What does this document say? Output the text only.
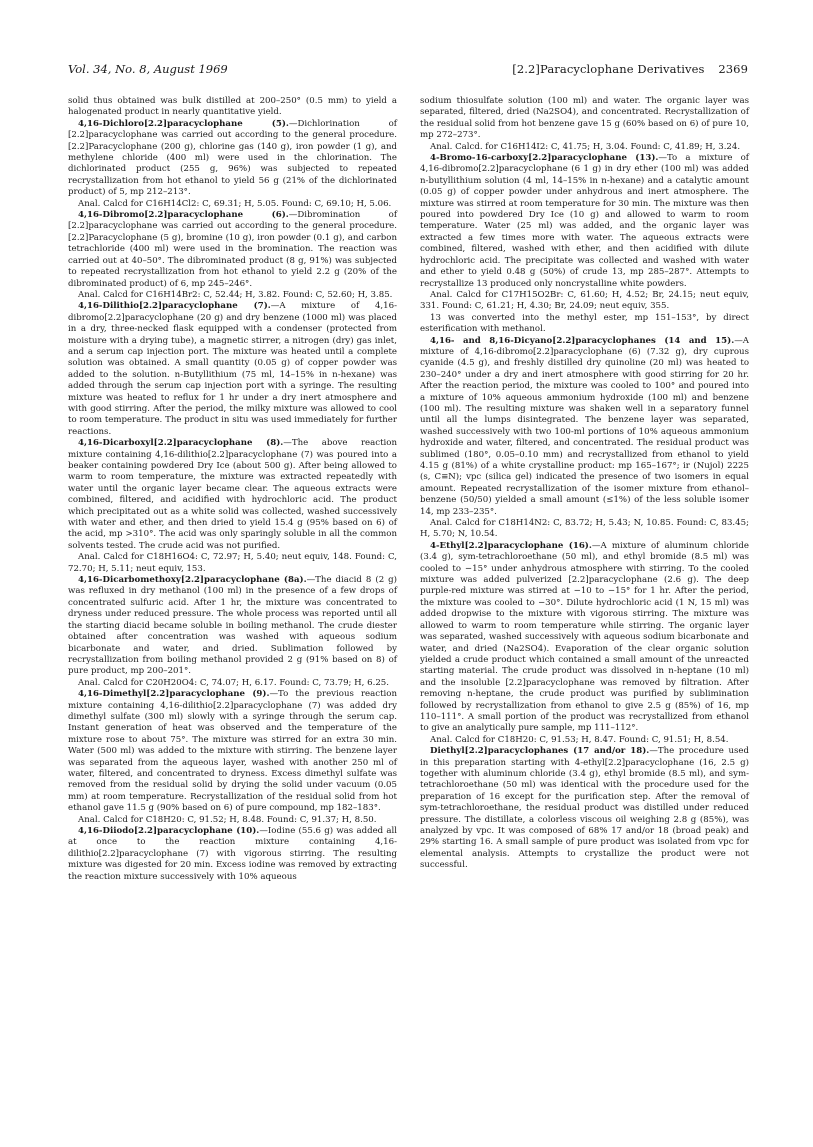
Vol. 34, No. 8, August 1969	[2.2]Paracyclophane Derivatives 2369

solid thus obtained was bulk distilled at 200–250° (0.5 mm) to yield a halogenated product in nearly quantitative yield.

4,16-Dichloro[2.2]paracyclophane (5).—Dichlorination of [2.2]paracyclophane was carried out according to the general procedure. [2.2]Paracyclophane (200 g), chlorine gas (140 g), iron powder (1 g), and methylene chloride (400 ml) were used in the chlorination. The dichlorinated product (255 g, 96%) was subjected to repeated recrystallization from hot ethanol to yield 56 g (21% of the dichlorinated product) of 5, mp 212–213°.

Anal. Calcd for C16H14Cl2: C, 69.31; H, 5.05. Found: C, 69.10; H, 5.06.

4,16-Dibromo[2.2]paracyclophane (6).—Dibromination of [2.2]paracyclophane was carried out according to the general procedure. [2.2]Paracyclophane (5 g), bromine (10 g), iron powder (0.1 g), and carbon tetrachloride (400 ml) were used in the bromination. The reaction was carried out at 40–50°. The dibrominated product (8 g, 91%) was subjected to repeated recrystallization from hot ethanol to yield 2.2 g (20% of the dibrominated product) of 6, mp 245–246°.

Anal. Calcd for C16H14Br2: C, 52.44; H, 3.82. Found: C, 52.60; H, 3.85.

4,16-Dilithio[2.2]paracyclophane (7).—A mixture of 4,16-dibromo[2.2]paracyclophane (20 g) and dry benzene (1000 ml) was placed in a dry, three-necked flask equipped with a condenser (protected from moisture with a drying tube), a magnetic stirrer, a nitrogen (dry) gas inlet, and a serum cap injection port. The mixture was heated until a complete solution was obtained. A small quantity (0.05 g) of copper powder was added to the solution. n-Butyllithium (75 ml, 14–15% in n-hexane) was added through the serum cap injection port with a syringe. The resulting mixture was heated to reflux for 1 hr under a dry inert atmosphere and with good stirring. After the period, the milky mixture was allowed to cool to room temperature. The product in situ was used immediately for further reactions.

4,16-Dicarboxyl[2.2]paracyclophane (8).—The above reaction mixture containing 4,16-dilithio[2.2]paracyclophane (7) was poured into a beaker containing powdered Dry Ice (about 500 g). After being allowed to warm to room temperature, the mixture was extracted repeatedly with water until the organic layer became clear. The aqueous extracts were combined, filtered, and acidified with hydrochloric acid. The product which precipitated out as a white solid was collected, washed successively with water and ether, and then dried to yield 15.4 g (95% based on 6) of the acid, mp >310°. The acid was only sparingly soluble in all the common solvents tested. The crude acid was not purified.

Anal. Calcd for C18H16O4: C, 72.97; H, 5.40; neut equiv, 148. Found: C, 72.70; H, 5.11; neut equiv, 153.

4,16-Dicarbomethoxy[2.2]paracyclophane (8a).—The diacid 8 (2 g) was refluxed in dry methanol (100 ml) in the presence of a few drops of concentrated sulfuric acid. After 1 hr, the mixture was concentrated to dryness under reduced pressure. The whole process was reported until all the starting diacid became soluble in boiling methanol. The crude diester obtained after concentration was washed with aqueous sodium bicarbonate and water, and dried. Sublimation followed by recrystallization from boiling methanol provided 2 g (91% based on 8) of pure product, mp 200–201°.

Anal. Calcd for C20H20O4: C, 74.07; H, 6.17. Found: C, 73.79; H, 6.25.

4,16-Dimethyl[2.2]paracyclophane (9).—To the previous reaction mixture containing 4,16-dilithio[2.2]paracyclophane (7) was added dry dimethyl sulfate (300 ml) slowly with a syringe through the serum cap. Instant generation of heat was observed and the temperature of the mixture rose to about 75°. The mixture was stirred for an extra 30 min. Water (500 ml) was added to the mixture with stirring. The benzene layer was separated from the aqueous layer, washed with another 250 ml of water, filtered, and concentrated to dryness. Excess dimethyl sulfate was removed from the residual solid by drying the solid under vacuum (0.05 mm) at room temperature. Recrystallization of the residual solid from hot ethanol gave 11.5 g (90% based on 6) of pure compound, mp 182–183°.

Anal. Calcd for C18H20: C, 91.52; H, 8.48. Found: C, 91.37; H, 8.50.

4,16-Diiodo[2.2]paracyclophane (10).—Iodine (55.6 g) was added all at once to the reaction mixture containing 4,16-dilithio[2.2]paracyclophane (7) with vigorous stirring. The resulting mixture was digested for 20 min. Excess iodine was removed by extracting the reaction mixture successively with 10% aqueous

sodium thiosulfate solution (100 ml) and water. The organic layer was separated, filtered, dried (Na2SO4), and concentrated. Recrystallization of the residual solid from hot benzene gave 15 g (60% based on 6) of pure 10, mp 272–273°.

Anal. Calcd. for C16H14I2: C, 41.75; H, 3.04. Found: C, 41.89; H, 3.24.

4-Bromo-16-carboxy[2.2]paracyclophane (13).—To a mixture of 4,16-dibromo[2.2]paracyclophane (6 1 g) in dry ether (100 ml) was added n-butyllithium solution (4 ml, 14–15% in n-hexane) and a catalytic amount (0.05 g) of copper powder under anhydrous and inert atmosphere. The mixture was stirred at room temperature for 30 min. The mixture was then poured into powdered Dry Ice (10 g) and allowed to warm to room temperature. Water (25 ml) was added, and the organic layer was extracted a few times more with water. The aqueous extracts were combined, filtered, washed with ether, and then acidified with dilute hydrochloric acid. The precipitate was collected and washed with water and ether to yield 0.48 g (50%) of crude 13, mp 285–287°. Attempts to recrystallize 13 produced only noncrystalline white powders.

Anal. Calcd for C17H15O2Br: C, 61.60; H, 4.52; Br, 24.15; neut equiv, 331. Found: C, 61.21; H, 4.30; Br, 24.09; neut equiv, 355.

13 was converted into the methyl ester, mp 151–153°, by direct esterification with methanol.

4,16- and 8,16-Dicyano[2.2]paracyclophanes (14 and 15).—A mixture of 4,16-dibromo[2.2]paracyclophane (6) (7.32 g), dry cuprous cyanide (4.5 g), and freshly distilled dry quinoline (20 ml) was heated to 230–240° under a dry and inert atmosphere with good stirring for 20 hr. After the reaction period, the mixture was cooled to 100° and poured into a mixture of 10% aqueous ammonium hydroxide (100 ml) and benzene (100 ml). The resulting mixture was shaken well in a separatory funnel until all the lumps disintegrated. The benzene layer was separated, washed successively with two 100-ml portions of 10% aqueous ammonium hydroxide and water, filtered, and concentrated. The residual product was sublimed (180°, 0.05–0.10 mm) and recrystallized from ethanol to yield 4.15 g (81%) of a white crystalline product: mp 165–167°; ir (Nujol) 2225 (s, C≡N); vpc (silica gel) indicated the presence of two isomers in equal amount. Repeated recrystallization of the isomer mixture from ethanol–benzene (50/50) yielded a small amount (≤1%) of the less soluble isomer 14, mp 233–235°.

Anal. Calcd for C18H14N2: C, 83.72; H, 5.43; N, 10.85. Found: C, 83.45; H, 5.70; N, 10.54.

4-Ethyl[2.2]paracyclophane (16).—A mixture of aluminum chloride (3.4 g), sym-tetrachloroethane (50 ml), and ethyl bromide (8.5 ml) was cooled to −15° under anhydrous atmosphere with stirring. To the cooled mixture was added pulverized [2.2]paracyclophane (2.6 g). The deep purple-red mixture was stirred at −10 to −15° for 1 hr. After the period, the mixture was cooled to −30°. Dilute hydrochloric acid (1 N, 15 ml) was added dropwise to the mixture with vigorous stirring. The mixture was allowed to warm to room temperature while stirring. The organic layer was separated, washed successively with aqueous sodium bicarbonate and water, and dried (Na2SO4). Evaporation of the clear organic solution yielded a crude product which contained a small amount of the unreacted starting material. The crude product was dissolved in n-heptane (10 ml) and the insoluble [2.2]paracyclophane was removed by filtration. After removing n-heptane, the crude product was purified by sublimination followed by recrystallization from ethanol to give 2.5 g (85%) of 16, mp 110–111°. A small portion of the product was recrystallized from ethanol to give an analytically pure sample, mp 111–112°.

Anal. Calcd for C18H20: C, 91.53; H, 8.47. Found: C, 91.51; H, 8.54.

Diethyl[2.2]paracyclophanes (17 and/or 18).—The procedure used in this preparation starting with 4-ethyl[2.2]paracyclophane (16, 2.5 g) together with aluminum chloride (3.4 g), ethyl bromide (8.5 ml), and sym-tetrachloroethane (50 ml) was identical with the procedure used for the preparation of 16 except for the purification step. After the removal of sym-tetrachloroethane, the residual product was distilled under reduced pressure. The distillate, a colorless viscous oil weighing 2.8 g (85%), was analyzed by vpc. It was composed of 68% 17 and/or 18 (broad peak) and 29% starting 16. A small sample of pure product was isolated from vpc for elemental analysis. Attempts to crystallize the product were not successful.
